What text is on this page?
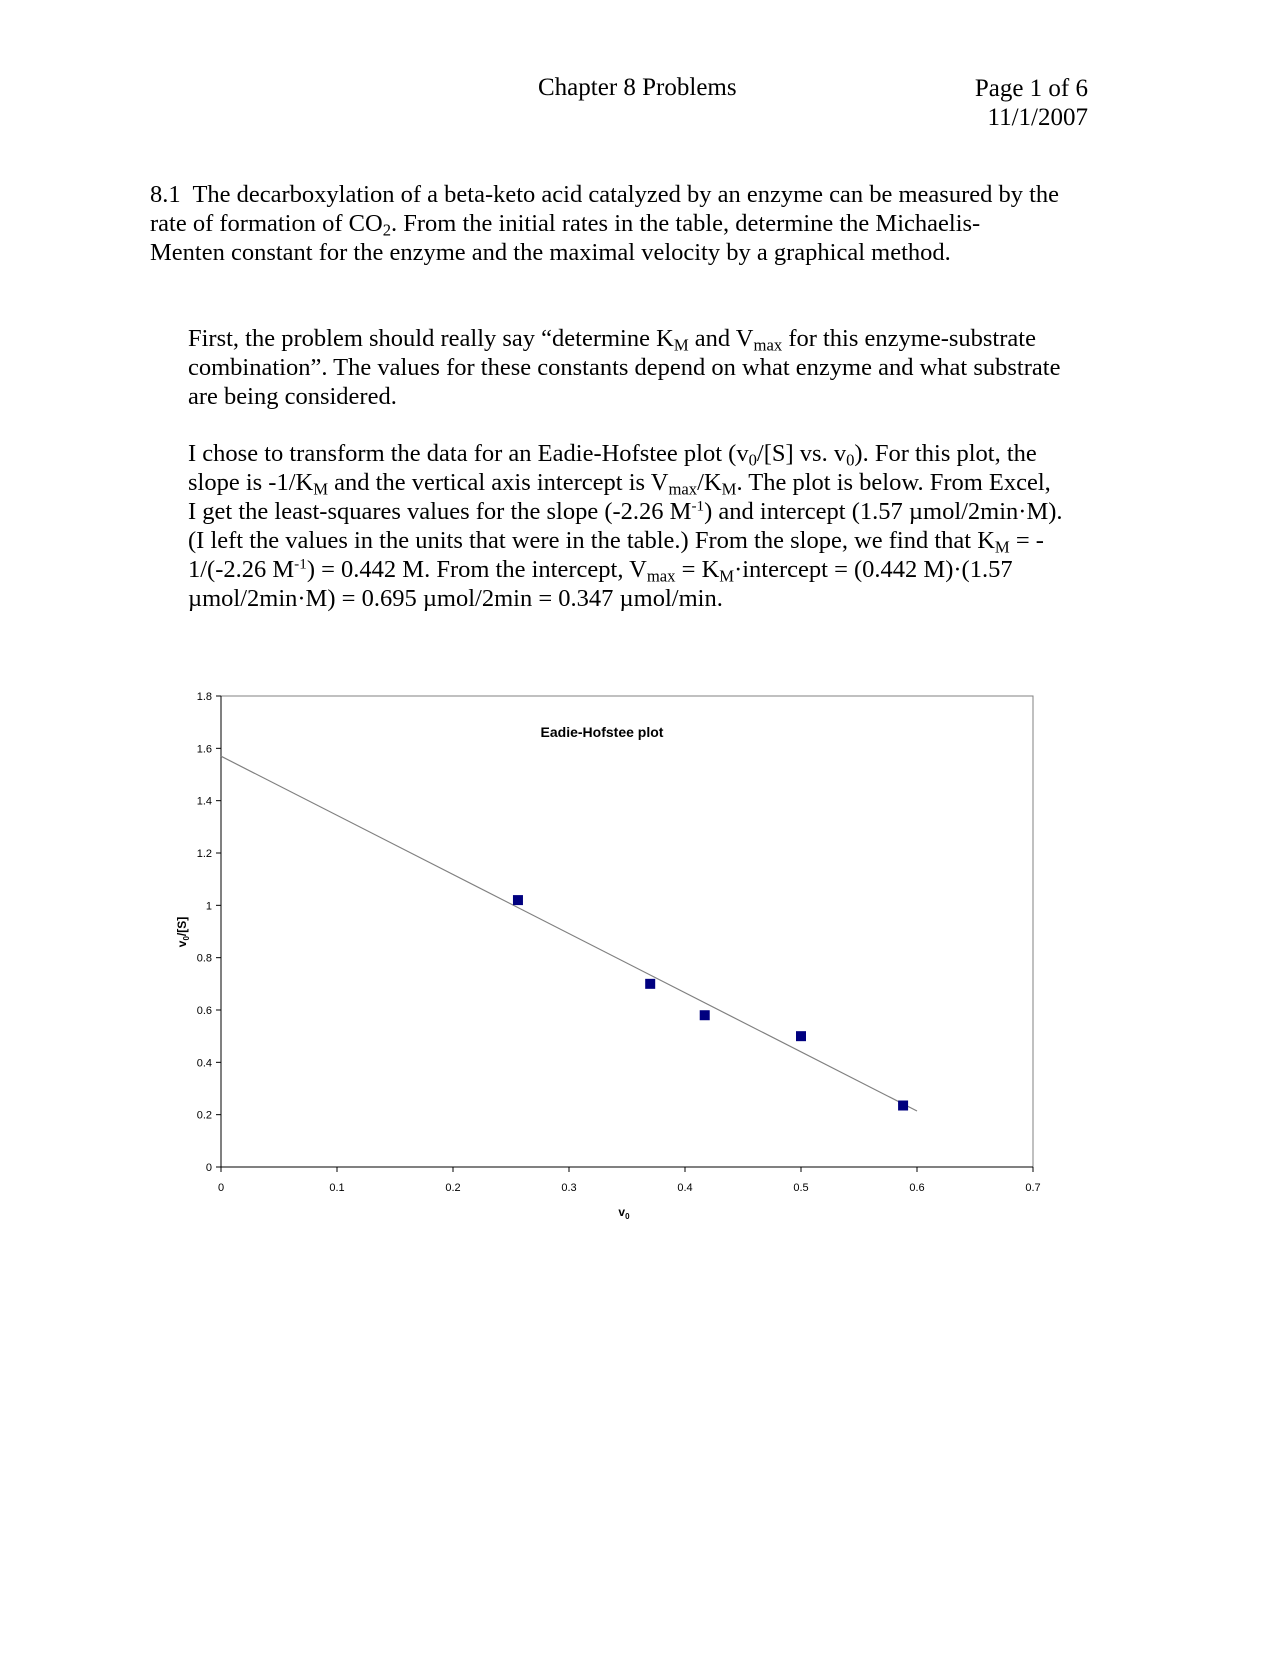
Chapter 8 Problems	Page 1 of 6
11/1/2007
8.1 The decarboxylation of a beta-keto acid catalyzed by an enzyme can be measured by the
rate of formation of $CO_2$. From the initial rates in the table, determine the Michaelis-
Menten constant for the enzyme and the maximal velocity by a graphical method.
First, the problem should really say “determine $K_M$ and $V_{max}$ for this enzyme-substrate
combination”. The values for these constants depend on what enzyme and what substrate
are being considered.
I chose to transform the data for an Eadie-Hofstee plot ($v_0/[S]$ vs. $v_0$). For this plot, the
slope is $-1/K_M$ and the vertical axis intercept is $V_{max}/K_M$. The plot is below. From Excel,
I get the least-squares values for the slope (-2.26 $M^{-1}$) and intercept (1.57 µmol/2min·M).
(I left the values in the units that were in the table.) From the slope, we find that $K_M$ = -
1/(-2.26 $M^{-1}) = 0.442$ M. From the intercept, $V_{max}$ = $K_M\cdot intercept = (0.442$ M)·(1.57
µmol/2min·M) = 0.695 µmol/2min = 0.347 µmol/min.
0
0.2
0.4
0.6
0.8
1
1.2
1.4
1.6
1.8
0	0.1	0.2	0.3	0.4	0.5	0.6	0.7
Eadie-Hofstee plot
$v_0$
$v_0/[S]$
